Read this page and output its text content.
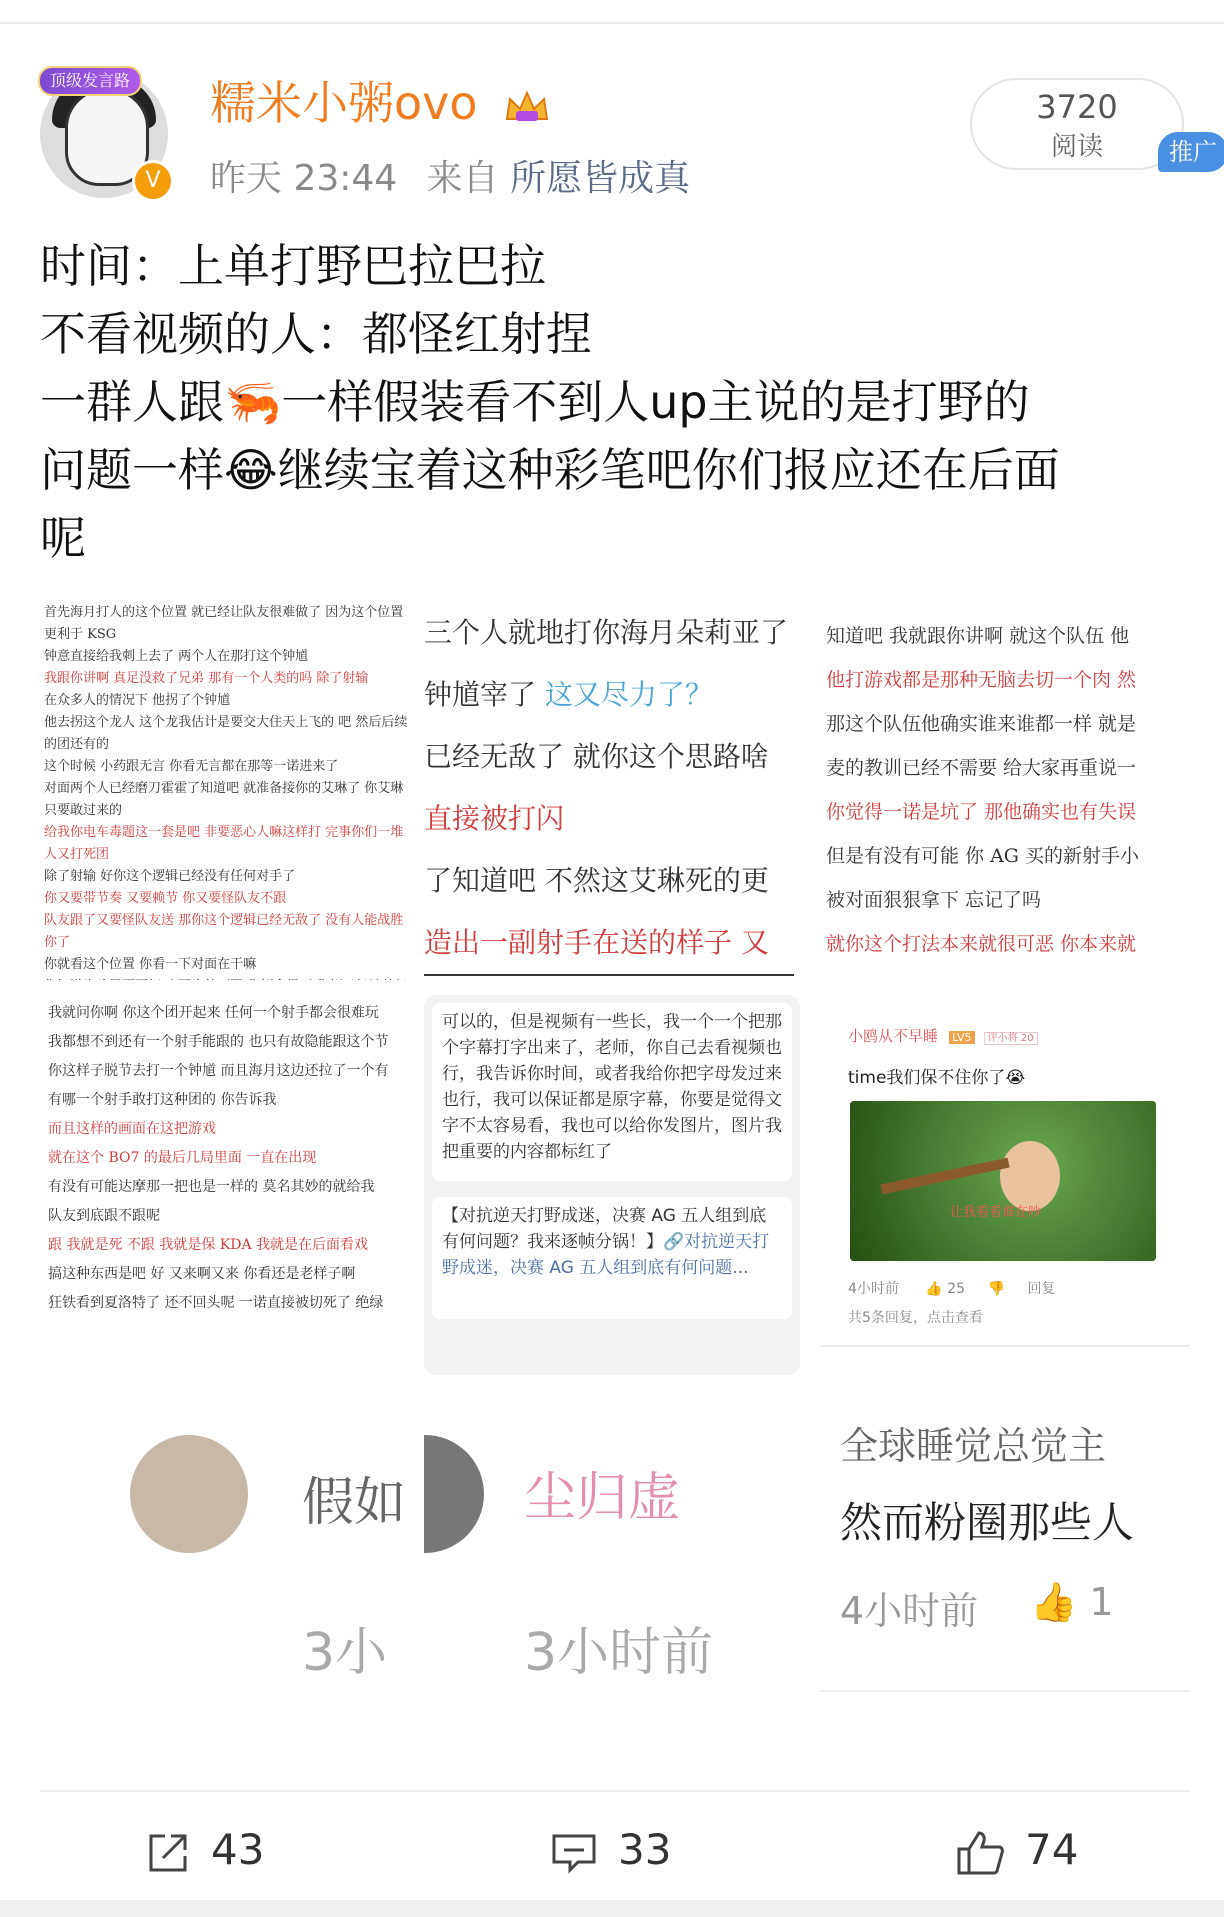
顶级发言路
V
糯米小粥ovo
昨天 23:44 来自 所愿皆成真
3720
阅读	推广
时间：上单打野巴拉巴拉
不看视频的人：都怪红射捏
一群人跟🦐一样假装看不到人up主说的是打野的
问题一样😂继续宝着这种彩笔吧你们报应还在后面
呢
首先海月打人的这个位置 就已经让队友很难做了 因为这个位置更利于 KSG
钟意直接给我刺上去了 两个人在那打这个钟馗
我跟你讲啊 真足没救了兄弟 那有一个人类的吗 除了射输
在众多人的情况下 他拐了个钟馗
他去拐这个龙人 这个龙我估计是要交大住天上飞的 吧 然后后续的团还有的
这个时候 小药跟无言 你看无言都在那等一诺进来了
对面两个人已经磨刀霍霍了知道吧 就准备接你的艾琳了 你艾琳只要敢过来的
给我你电车毒题这一套是吧 非要恶心人嘛这样打 完事你们一堆人又打死团
除了射输 好你这个逻辑已经没有任何对手了
你又要带节奏 又要赖节 你又要怪队友不跟
队友跟了又要怪队友送 那你这个逻辑已经无敌了 没有人能战胜你了
你就看这个位置 你看一下对面在干嘛
三个人就地打你海月朵莉亚了
钟馗宰了 这又尽力了？
已经无敌了 就你这个思路啥
直接被打闪
了知道吧 不然这艾琳死的更
造出一副射手在送的样子 又
知道吧 我就跟你讲啊 就这个队伍 他
他打游戏都是那种无脑去切一个肉 然
那这个队伍他确实谁来谁都一样 就是
麦的教训已经不需要 给大家再重说一
你觉得一诺是坑了 那他确实也有失误
但是有没有可能 你 AG 买的新射手小
被对面狠狠拿下 忘记了吗
就你这个打法本来就很可恶 你本来就
我就问你啊 你这个团开起来 任何一个射手都会很难玩
我都想不到还有一个射手能跟的 也只有故隐能跟这个节
你这样子脱节去打一个钟馗 而且海月这边还拉了一个有
有哪一个射手敢打这种团的 你告诉我
而且这样的画面在这把游戏
就在这个 BO7 的最后几局里面 一直在出现
有没有可能达摩那一把也是一样的 莫名其妙的就给我
队友到底跟不跟呢
跟 我就是死 不跟 我就是保 KDA 我就是在后面看戏
搞这种东西是吧 好 又来啊又来 你看还是老样子啊
狂铁看到夏洛特了 还不回头呢 一诺直接被切死了 绝绿
可以的，但是视频有一些长，我一个一个把那个字幕打字出来了，老师，你自己去看视频也行，我告诉你时间，或者我给你把字母发过来也行，我可以保证都是原字幕，你要是觉得文字不太容易看，我也可以给你发图片，图片我把重要的内容都标红了
【对抗逆天打野成迷，决赛 AG 五人组到底有何问题？我来逐帧分锅！】🔗对抗逆天打野成迷，决赛 AG 五人组到底有何问题...
小鸥从不早睡 LV5 评小将 20
time我们保不住你了😭
让我看看谁在吵
4小时前 👍 25 👎 回复
共5条回复，点击查看
假如
3小
尘归虚
3小时前
全球睡觉总觉主
然而粉圈那些人
4小时前 👍 1
43	33	74
